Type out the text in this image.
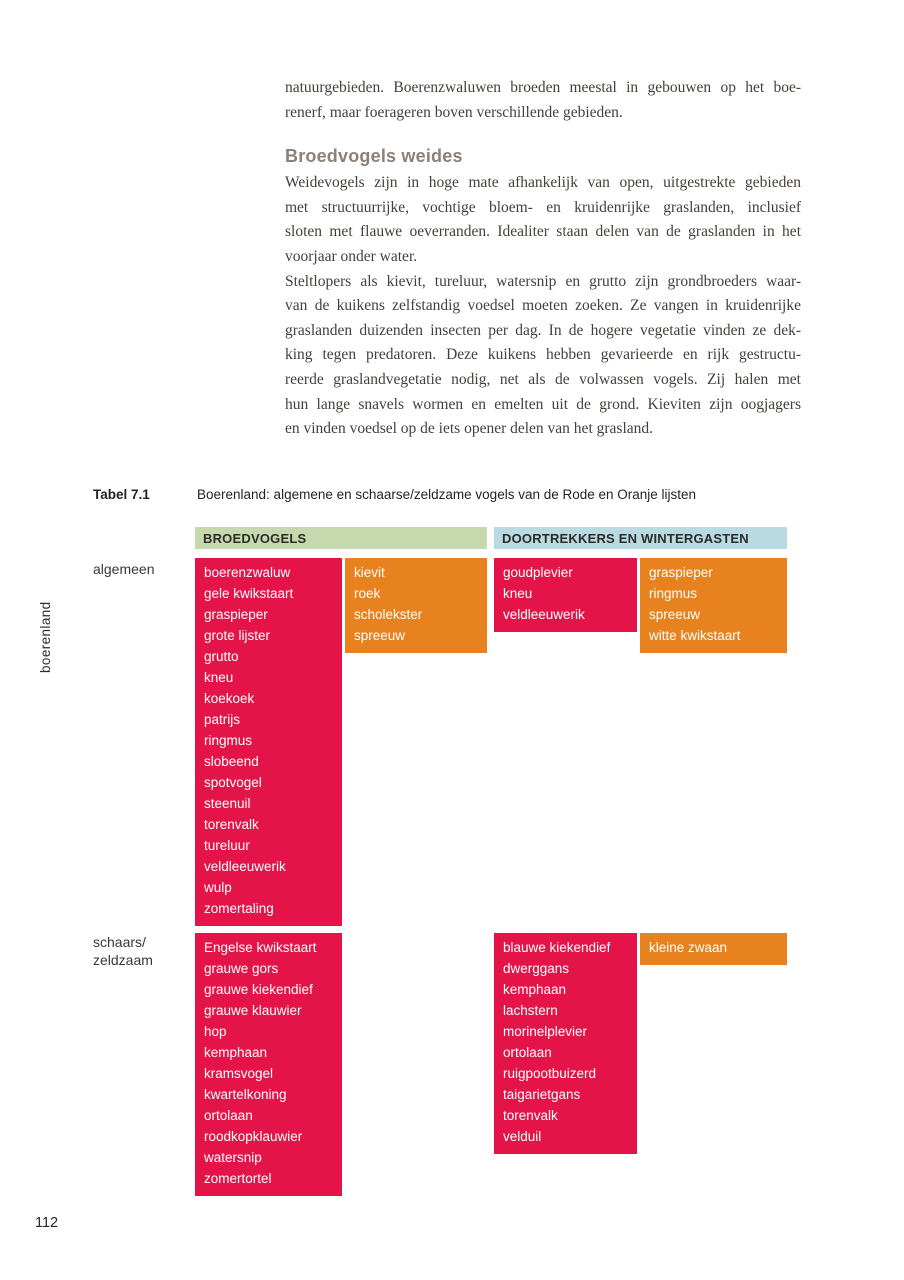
boerenland
112
natuurgebieden. Boerenzwaluwen broeden meestal in gebouwen op het boe-
renerf, maar foerageren boven verschillende gebieden.
Broedvogels weides
Weidevogels zijn in hoge mate afhankelijk van open, uitgestrekte gebieden
met structuurrijke, vochtige bloem- en kruidenrijke graslanden, inclusief
sloten met flauwe oeverranden. Idealiter staan delen van de graslanden in het
voorjaar onder water.
Steltlopers als kievit, tureluur, watersnip en grutto zijn grondbroeders waar-
van de kuikens zelfstandig voedsel moeten zoeken. Ze vangen in kruidenrijke
graslanden duizenden insecten per dag. In de hogere vegetatie vinden ze dek-
king tegen predatoren. Deze kuikens hebben gevarieerde en rijk gestructu-
reerde graslandvegetatie nodig, net als de volwassen vogels. Zij halen met
hun lange snavels wormen en emelten uit de grond. Kieviten zijn oogjagers
en vinden voedsel op de iets opener delen van het grasland.
Tabel 7.1	Boerenland: algemene en schaarse/zeldzame vogels van de Rode en Oranje lijsten
BROEDVOGELS	DOORTREKKERS EN WINTERGASTEN
algemeen
schaars/
zeldzaam
boerenzwaluw
gele kwikstaart
graspieper
grote lijster
grutto
kneu
koekoek
patrijs
ringmus
slobeend
spotvogel
steenuil
torenvalk
tureluur
veldleeuwerik
wulp
zomertaling
kievit
roek
scholekster
spreeuw
goudplevier
kneu
veldleeuwerik
graspieper
ringmus
spreeuw
witte kwikstaart
Engelse kwikstaart
grauwe gors
grauwe kiekendief
grauwe klauwier
hop
kemphaan
kramsvogel
kwartelkoning
ortolaan
roodkopklauwier
watersnip
zomertortel
blauwe kiekendief
dwerggans
kemphaan
lachstern
morinelplevier
ortolaan
ruigpootbuizerd
taigarietgans
torenvalk
velduil
kleine zwaan
